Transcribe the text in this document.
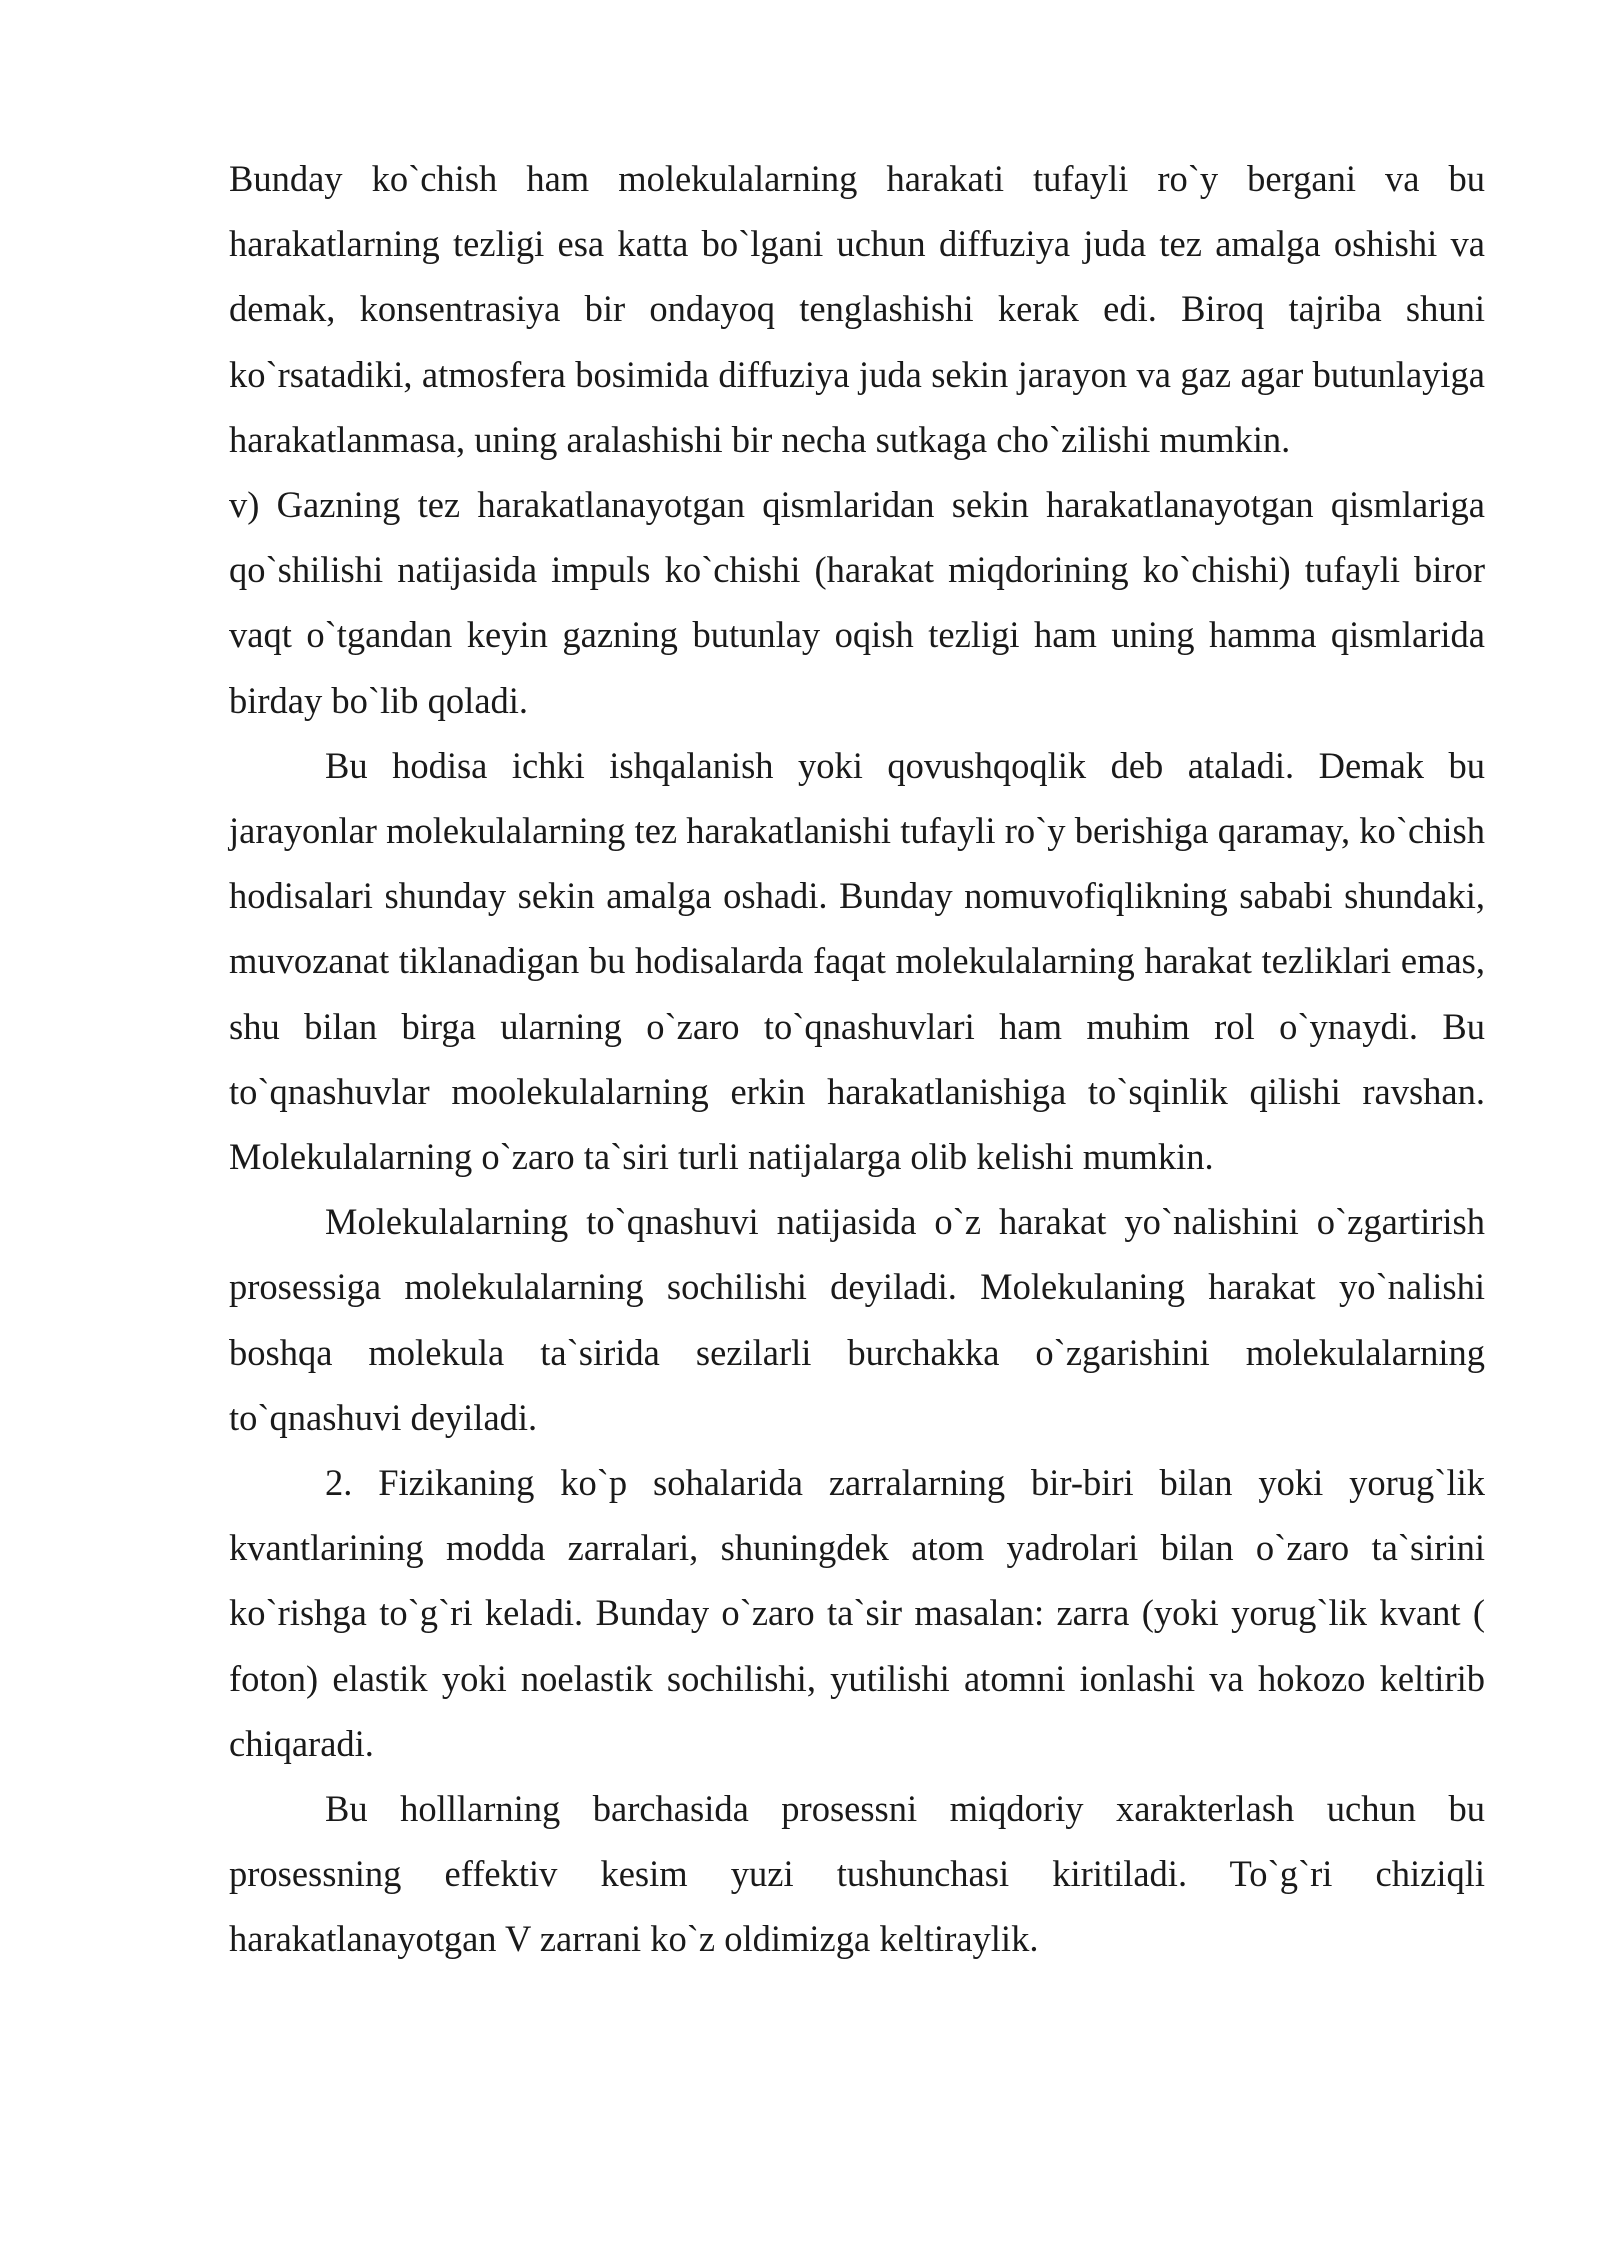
Bunday ko`chish ham molekulalarning harakati tufayli ro`y bergani va bu harakatlarning tezligi esa katta bo`lgani uchun diffuziya juda tez amalga oshishi va demak, konsentrasiya bir ondayoq tenglashishi kerak edi. Biroq tajriba shuni ko`rsatadiki, atmosfera bosimida diffuziya juda sekin jarayon va gaz agar butunlayiga harakatlanmasa, uning aralashishi bir necha sutkaga cho`zilishi mumkin.

v) Gazning tez harakatlanayotgan qismlaridan sekin harakatlanayotgan qismlariga qo`shilishi natijasida impuls ko`chishi (harakat miqdorining ko`chishi) tufayli biror vaqt o`tgandan keyin gazning butunlay oqish tezligi ham uning hamma qismlarida birday bo`lib qoladi.

Bu hodisa ichki ishqalanish yoki qovushqoqlik deb ataladi. Demak bu jarayonlar molekulalarning tez harakatlanishi tufayli ro`y berishiga qaramay, ko`chish hodisalari shunday sekin amalga oshadi. Bunday nomuvofiqlikning sababi shundaki, muvozanat tiklanadigan bu hodisalarda faqat molekulalarning harakat tezliklari emas, shu bilan birga ularning o`zaro to`qnashuvlari ham muhim rol o`ynaydi. Bu to`qnashuvlar moolekulalarning erkin harakatlanishiga to`sqinlik qilishi ravshan. Molekulalarning o`zaro ta`siri turli natijalarga olib kelishi mumkin.

Molekulalarning to`qnashuvi natijasida o`z harakat yo`nalishini o`zgartirish prosessiga molekulalarning sochilishi deyiladi. Molekulaning harakat yo`nalishi boshqa molekula ta`sirida sezilarli burchakka o`zgarishini molekulalarning to`qnashuvi deyiladi.

2. Fizikaning ko`p sohalarida zarralarning bir-biri bilan yoki yorug`lik kvantlarining modda zarralari, shuningdek atom yadrolari bilan o`zaro ta`sirini ko`rishga to`g`ri keladi. Bunday o`zaro ta`sir masalan: zarra (yoki yorug`lik kvant ( foton) elastik yoki noelastik sochilishi, yutilishi atomni ionlashi va hokozo keltirib chiqaradi.

Bu holllarning barchasida prosessni miqdoriy xarakterlash uchun bu prosessning effektiv kesim yuzi tushunchasi kiritiladi. To`g`ri chiziqli harakatlanayotgan V zarrani ko`z oldimizga keltiraylik.
